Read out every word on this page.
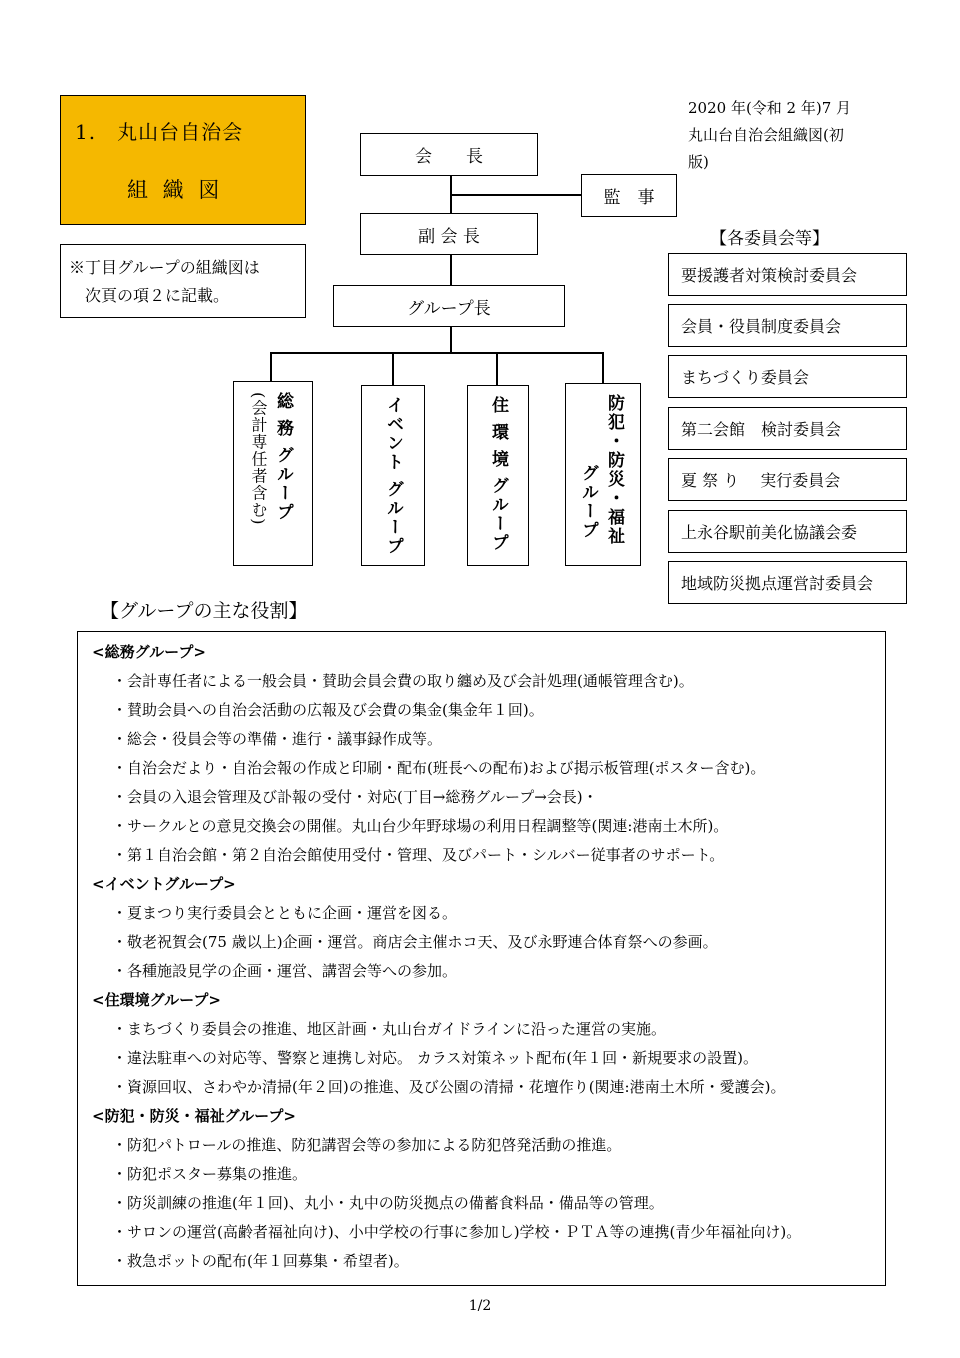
1.　丸山台自治会
組 織 図
※丁目グループの組織図は
次頁の項２に記載。
2020 年(令和 2 年)7 月
丸山台自治会組織図(初版)
会　　長
監　事
副 会 長
グループ長
総 務 グループ
(会計専任者含む)	イベント グループ	住 環 境 グループ	防犯・防災・福祉
グループ
【各委員会等】
要援護者対策検討委員会
会員・役員制度委員会
まちづくり委員会
第二会館　検討委員会
夏 祭 り　 実行委員会
上永谷駅前美化協議会委
地域防災拠点運営討委員会
【グループの主な役割】
<総務グループ>
・会計専任者による一般会員・賛助会員会費の取り纏め及び会計処理(通帳管理含む)。
・賛助会員への自治会活動の広報及び会費の集金(集金年１回)。
・総会・役員会等の準備・進行・議事録作成等。
・自治会だより・自治会報の作成と印刷・配布(班長への配布)および掲示板管理(ポスター含む)。
・会員の入退会管理及び訃報の受付・対応(丁目→総務グループ→会長)・
・サークルとの意見交換会の開催。丸山台少年野球場の利用日程調整等(関連:港南土木所)。
・第１自治会館・第２自治会館使用受付・管理、及びパート・シルバー従事者のサポート。
<イベントグループ>
・夏まつり実行委員会とともに企画・運営を図る。
・敬老祝賀会(75 歳以上)企画・運営。商店会主催ホコ天、及び永野連合体育祭への参画。
・各種施設見学の企画・運営、講習会等への参加。
<住環境グループ>
・まちづくり委員会の推進、地区計画・丸山台ガイドラインに沿った運営の実施。
・違法駐車への対応等、警察と連携し対応。 カラス対策ネット配布(年１回・新規要求の設置)。
・資源回収、さわやか清掃(年２回)の推進、及び公園の清掃・花壇作り(関連:港南土木所・愛護会)。
<防犯・防災・福祉グループ>
・防犯パトロールの推進、防犯講習会等の参加による防犯啓発活動の推進。
・防犯ポスター募集の推進。
・防災訓練の推進(年１回)、丸小・丸中の防災拠点の備蓄食料品・備品等の管理。
・サロンの運営(高齢者福祉向け)、小中学校の行事に参加し)学校・ＰＴＡ等の連携(青少年福祉向け)。
・救急ポットの配布(年１回募集・希望者)。
1/2
